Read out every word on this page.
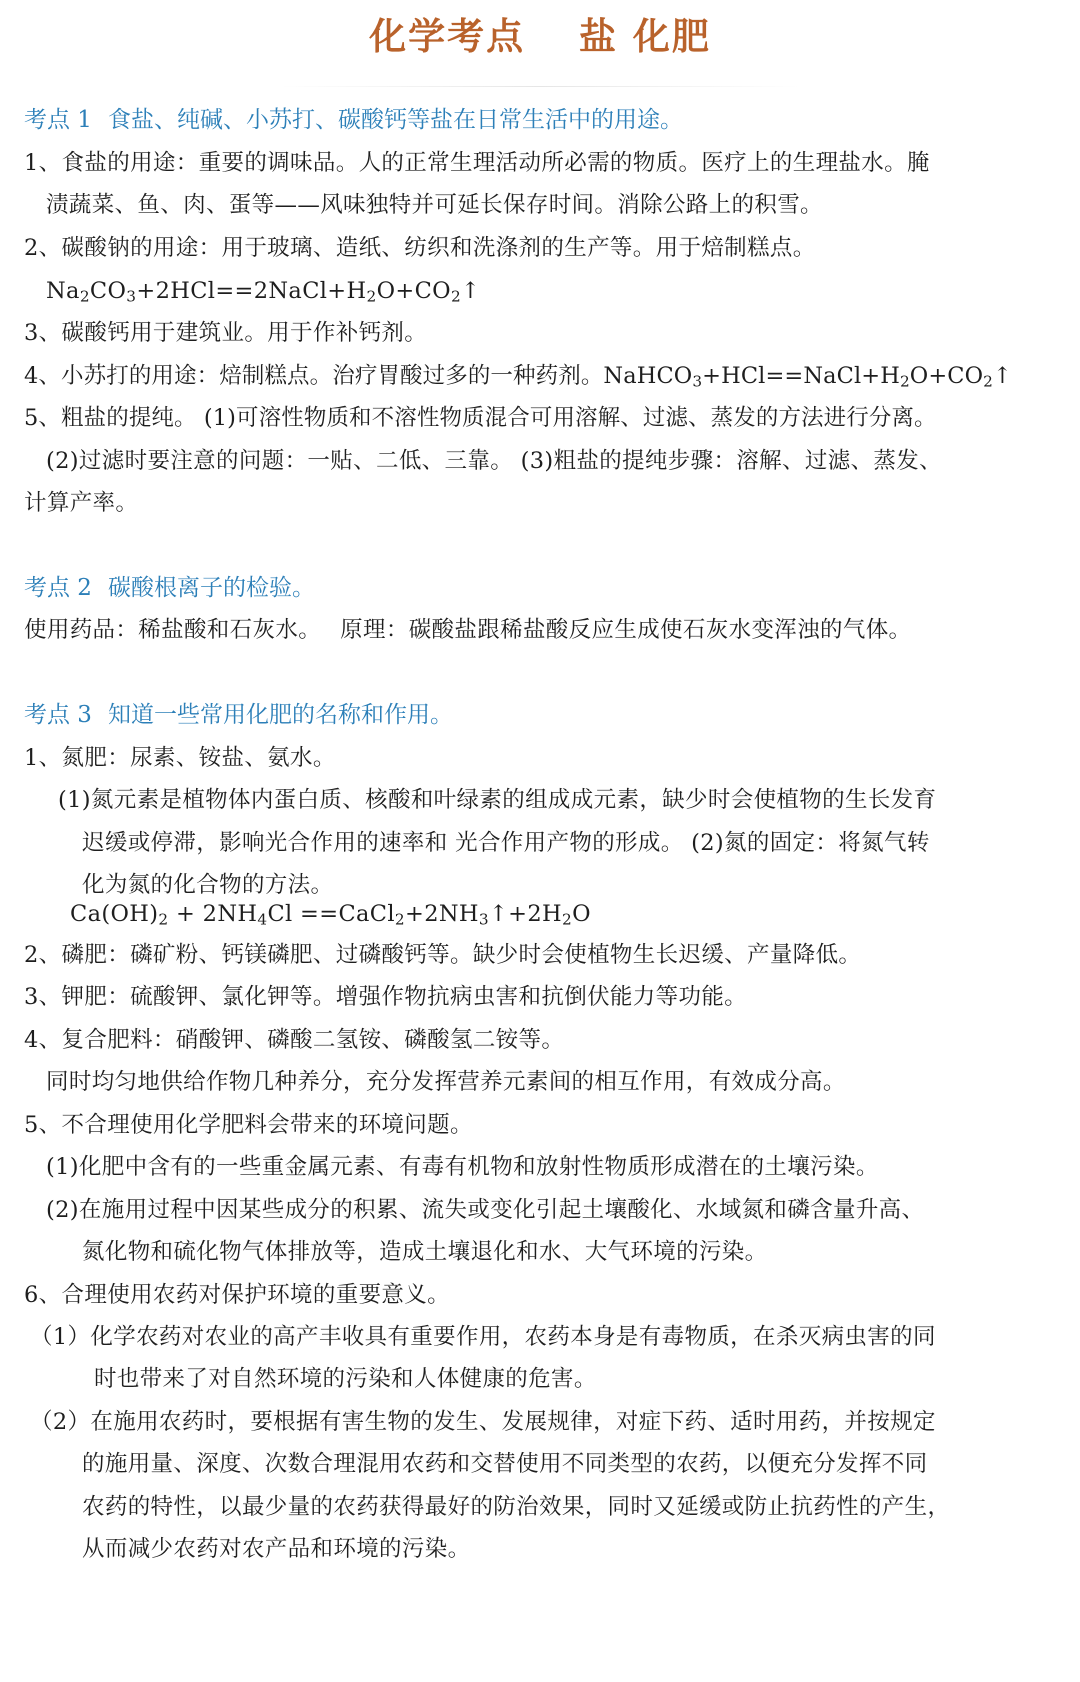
化学考点　 盐 化肥
考点 1 食盐、纯碱、小苏打、碳酸钙等盐在日常生活中的用途。
1、食盐的用途：重要的调味品。人的正常生理活动所必需的物质。医疗上的生理盐水。腌
渍蔬菜、鱼、肉、蛋等——风味独特并可延长保存时间。消除公路上的积雪。
2、碳酸钠的用途：用于玻璃、造纸、纺织和洗涤剂的生产等。用于焙制糕点。
$Na_2CO_3+2HCl==2NaCl+H_2O+CO_2↑$
3、碳酸钙用于建筑业。用于作补钙剂。
4、小苏打的用途：焙制糕点。治疗胃酸过多的一种药剂。$NaHCO_3+HCl==NaCl+H_2O+CO_2↑$
5、粗盐的提纯。 (1)可溶性物质和不溶性物质混合可用溶解、过滤、蒸发的方法进行分离。
(2)过滤时要注意的问题：一贴、二低、三靠。 (3)粗盐的提纯步骤：溶解、过滤、蒸发、
计算产率。
考点 2 碳酸根离子的检验。
使用药品：稀盐酸和石灰水。　 原理：碳酸盐跟稀盐酸反应生成使石灰水变浑浊的气体。
考点 3 知道一些常用化肥的名称和作用。
1、氮肥：尿素、铵盐、氨水。
(1)氮元素是植物体内蛋白质、核酸和叶绿素的组成成元素，缺少时会使植物的生长发育
迟缓或停滞，影响光合作用的速率和 光合作用产物的形成。 (2)氮的固定：将氮气转
化为氮的化合物的方法。
$Ca(OH)_2 + 2NH_4Cl$ $==CaCl_2+2NH_3↑+2H_2O$
2、磷肥：磷矿粉、钙镁磷肥、过磷酸钙等。缺少时会使植物生长迟缓、产量降低。
3、钾肥：硫酸钾、氯化钾等。增强作物抗病虫害和抗倒伏能力等功能。
4、复合肥料：硝酸钾、磷酸二氢铵、磷酸氢二铵等。
同时均匀地供给作物几种养分，充分发挥营养元素间的相互作用，有效成分高。
5、不合理使用化学肥料会带来的环境问题。
(1)化肥中含有的一些重金属元素、有毒有机物和放射性物质形成潜在的土壤污染。
(2)在施用过程中因某些成分的积累、流失或变化引起土壤酸化、水域氮和磷含量升高、
氮化物和硫化物气体排放等，造成土壤退化和水、大气环境的污染。
6、合理使用农药对保护环境的重要意义。
（1）化学农药对农业的高产丰收具有重要作用，农药本身是有毒物质，在杀灭病虫害的同
时也带来了对自然环境的污染和人体健康的危害。
（2）在施用农药时，要根据有害生物的发生、发展规律，对症下药、适时用药，并按规定
的施用量、深度、次数合理混用农药和交替使用不同类型的农药，以便充分发挥不同
农药的特性，以最少量的农药获得最好的防治效果，同时又延缓或防止抗药性的产生，
从而减少农药对农产品和环境的污染。
